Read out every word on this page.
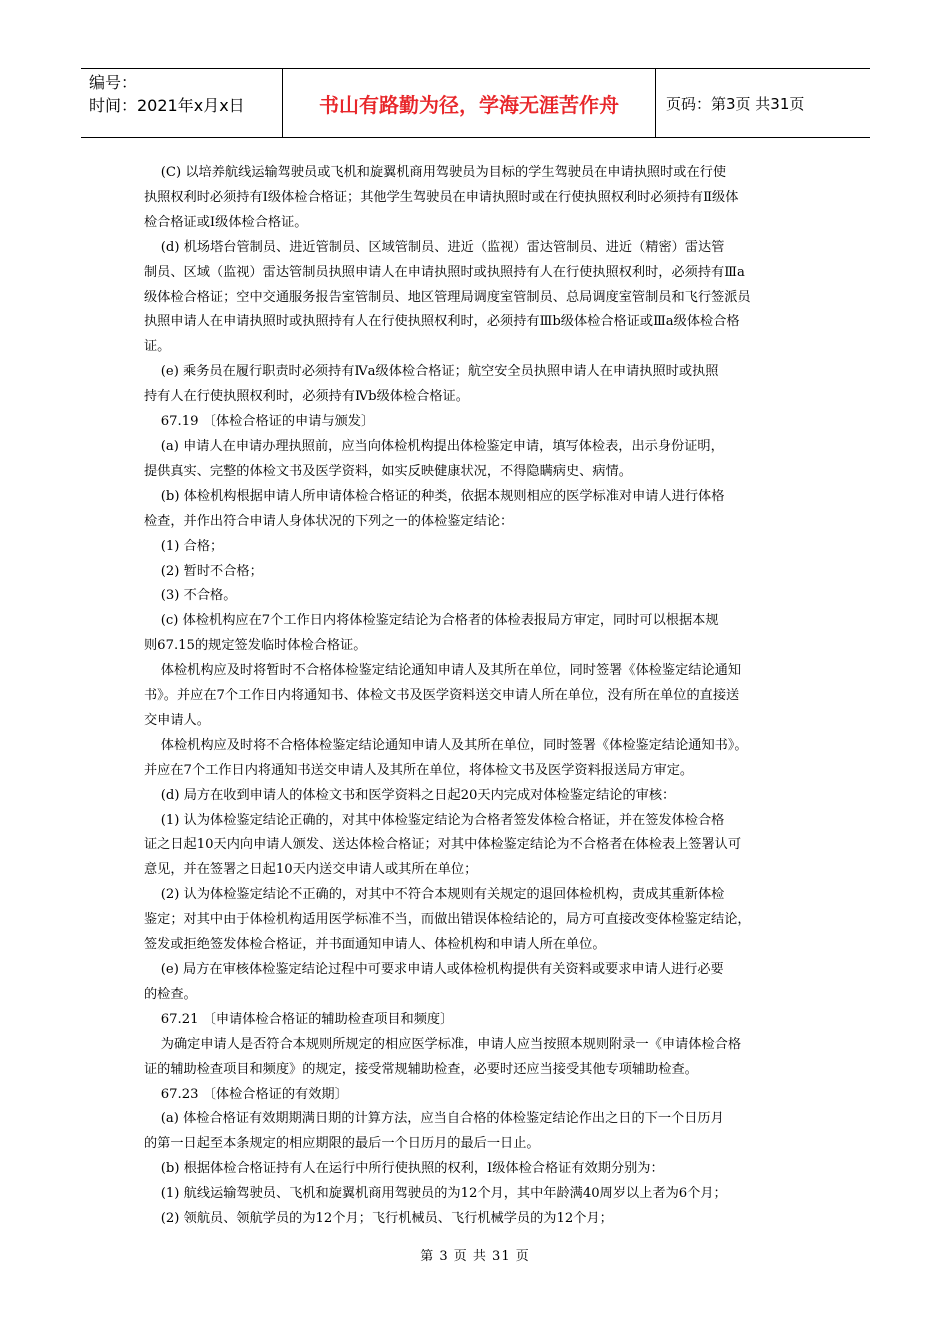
编号：
时间：2021年x月x日	书山有路勤为径，学海无涯苦作舟	页码：第3页 共31页

(C) 以培养航线运输驾驶员或飞机和旋翼机商用驾驶员为目标的学生驾驶员在申请执照时或在行使

执照权利时必须持有Ⅰ级体检合格证；其他学生驾驶员在申请执照时或在行使执照权利时必须持有Ⅱ级体

检合格证或Ⅰ级体检合格证。

(d) 机场塔台管制员、进近管制员、区域管制员、进近（监视）雷达管制员、进近（精密）雷达管

制员、区域（监视）雷达管制员执照申请人在申请执照时或执照持有人在行使执照权利时，必须持有Ⅲa

级体检合格证；空中交通服务报告室管制员、地区管理局调度室管制员、总局调度室管制员和飞行签派员

执照申请人在申请执照时或执照持有人在行使执照权利时，必须持有Ⅲb级体检合格证或Ⅲa级体检合格

证。

(e) 乘务员在履行职责时必须持有Ⅳa级体检合格证；航空安全员执照申请人在申请执照时或执照

持有人在行使执照权利时，必须持有Ⅳb级体检合格证。

67.19 〔体检合格证的申请与颁发〕

(a) 申请人在申请办理执照前，应当向体检机构提出体检鉴定申请，填写体检表，出示身份证明，

提供真实、完整的体检文书及医学资料，如实反映健康状况，不得隐瞒病史、病情。

(b) 体检机构根据申请人所申请体检合格证的种类，依据本规则相应的医学标准对申请人进行体格

检查，并作出符合申请人身体状况的下列之一的体检鉴定结论：

(1) 合格；

(2) 暂时不合格；

(3) 不合格。

(c) 体检机构应在7个工作日内将体检鉴定结论为合格者的体检表报局方审定，同时可以根据本规

则67.15的规定签发临时体检合格证。

体检机构应及时将暂时不合格体检鉴定结论通知申请人及其所在单位，同时签署《体检鉴定结论通知

书》。并应在7个工作日内将通知书、体检文书及医学资料送交申请人所在单位，没有所在单位的直接送

交申请人。

体检机构应及时将不合格体检鉴定结论通知申请人及其所在单位，同时签署《体检鉴定结论通知书》。

并应在7个工作日内将通知书送交申请人及其所在单位，将体检文书及医学资料报送局方审定。

(d) 局方在收到申请人的体检文书和医学资料之日起20天内完成对体检鉴定结论的审核：

(1) 认为体检鉴定结论正确的，对其中体检鉴定结论为合格者签发体检合格证，并在签发体检合格

证之日起10天内向申请人颁发、送达体检合格证；对其中体检鉴定结论为不合格者在体检表上签署认可

意见，并在签署之日起10天内送交申请人或其所在单位；

(2) 认为体检鉴定结论不正确的，对其中不符合本规则有关规定的退回体检机构，责成其重新体检

鉴定；对其中由于体检机构适用医学标准不当，而做出错误体检结论的，局方可直接改变体检鉴定结论，

签发或拒绝签发体检合格证，并书面通知申请人、体检机构和申请人所在单位。

(e) 局方在审核体检鉴定结论过程中可要求申请人或体检机构提供有关资料或要求申请人进行必要

的检查。

67.21 〔申请体检合格证的辅助检查项目和频度〕

为确定申请人是否符合本规则所规定的相应医学标准，申请人应当按照本规则附录一《申请体检合格

证的辅助检查项目和频度》的规定，接受常规辅助检查，必要时还应当接受其他专项辅助检查。

67.23 〔体检合格证的有效期〕

(a) 体检合格证有效期期满日期的计算方法，应当自合格的体检鉴定结论作出之日的下一个日历月

的第一日起至本条规定的相应期限的最后一个日历月的最后一日止。

(b) 根据体检合格证持有人在运行中所行使执照的权利，Ⅰ级体检合格证有效期分别为：

(1) 航线运输驾驶员、飞机和旋翼机商用驾驶员的为12个月，其中年龄满40周岁以上者为6个月；

(2) 领航员、领航学员的为12个月；飞行机械员、飞行机械学员的为12个月；

第 3 页 共 31 页
